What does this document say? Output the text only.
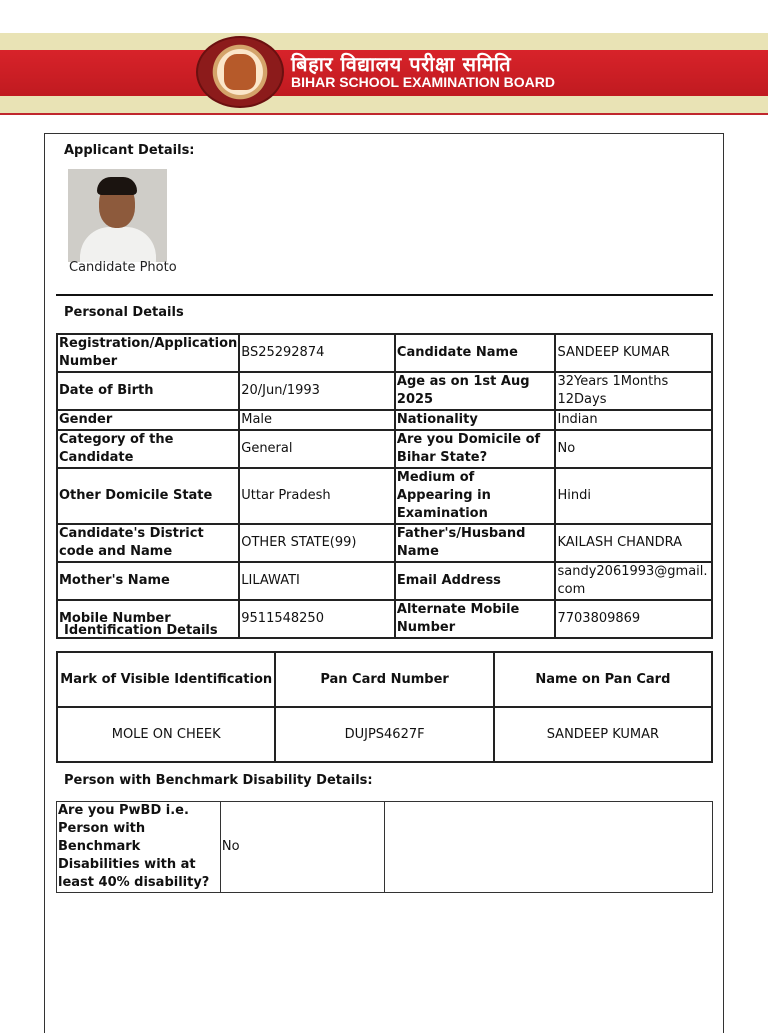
बिहार विद्यालय परीक्षा समिति
BIHAR SCHOOL EXAMINATION BOARD
Applicant Details:
Candidate Photo
Personal Details
Registration/Application Number	BS25292874	Candidate Name	SANDEEP KUMAR
Date of Birth	20/Jun/1993	Age as on 1st Aug 2025	32Years 1Months 12Days
Gender	Male	Nationality	Indian
Category of the Candidate	General	Are you Domicile of Bihar State?	No
Other Domicile State	Uttar Pradesh	Medium of Appearing in Examination	Hindi
Candidate's District code and Name	OTHER STATE(99)	Father's/Husband Name	KAILASH CHANDRA
Mother's Name	LILAWATI	Email Address	sandy2061993@gmail.com
Mobile Number	9511548250	Alternate Mobile Number	7703809869
Identification Details
Mark of Visible Identification	Pan Card Number	Name on Pan Card
MOLE ON CHEEK	DUJPS4627F	SANDEEP KUMAR
Person with Benchmark Disability Details:
Are you PwBD i.e. Person with Benchmark Disabilities with at least 40% disability?	No	
